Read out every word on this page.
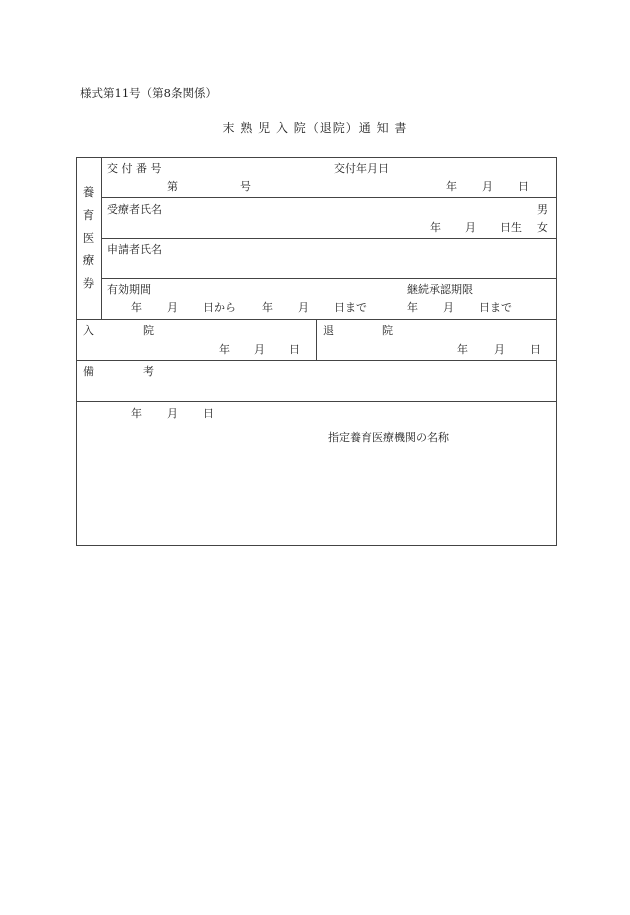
様式第11号（第8条関係）
末 熟 児 入 院（退院）通 知 書
養
育
医
療
券
交 付 番 号	交付年月日
第	号	年 月 日
受療者氏名	男
年 月 日生 女
申請者氏名
有効期間	継続承認期限
年 月 日から 年 月 日まで	年 月 日まで
入	院
年 月 日
退	院
年 月 日
備	考
年 月 日
指定養育医療機関の名称
